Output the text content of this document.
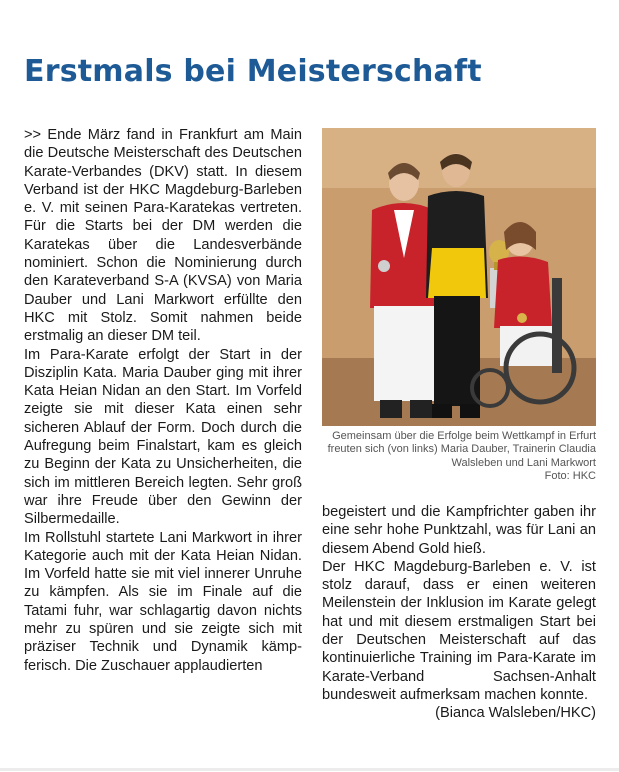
Erstmals bei Meisterschaft

>> Ende März fand in Frankfurt am Main die Deutsche Meisterschaft des Deutschen Karate-Verbandes (DKV) statt. In diesem Verband ist der HKC Magdeburg-Barleben e. V. mit seinen Para-Karatekas vertreten. Für die Starts bei der DM werden die Karatekas über die Landesverbände nominiert. Schon die Nominierung durch den Karateverband S-A (KVSA) von Maria Dauber und Lani Markwort erfüllte den HKC mit Stolz. Somit nahmen beide erstmalig an dieser DM teil.

Im Para-Karate erfolgt der Start in der Disziplin Kata. Maria Dauber ging mit ihrer Kata Heian Nidan an den Start. Im Vorfeld zeigte sie mit dieser Kata einen sehr sicheren Ablauf der Form. Doch durch die Aufregung beim Finalstart, kam es gleich zu Beginn der Kata zu Unsicherheiten, die sich im mittleren Bereich legten. Sehr groß war ihre Freude über den Gewinn der Silbermedaille.

Im Rollstuhl startete Lani Markwort in ihrer Kategorie auch mit der Kata Heian Nidan. Im Vorfeld hatte sie mit viel innerer Unruhe zu kämpfen. Als sie im Finale auf die Tatami fuhr, war schlagartig davon nichts mehr zu spüren und sie zeigte sich mit präziser Technik und Dynamik kämpferisch. Die Zuschauer applaudierten

Gemeinsam über die Erfolge beim Wettkampf in Erfurt freuten sich (von links) Maria Dauber, Trainerin Claudia Walsleben und Lani Markwort

Foto: HKC

begeistert und die Kampfrichter gaben ihr eine sehr hohe Punktzahl, was für Lani an diesem Abend Gold hieß.

Der HKC Magdeburg-Barleben e. V. ist stolz darauf, dass er einen weiteren Meilenstein der Inklusion im Karate gelegt hat und mit diesem erstmaligen Start bei der Deutschen Meisterschaft auf das kontinuierliche Training im Para-Karate im Karate-Verband Sachsen-Anhalt bundesweit aufmerksam machen konnte.

(Bianca Walsleben/HKC)
